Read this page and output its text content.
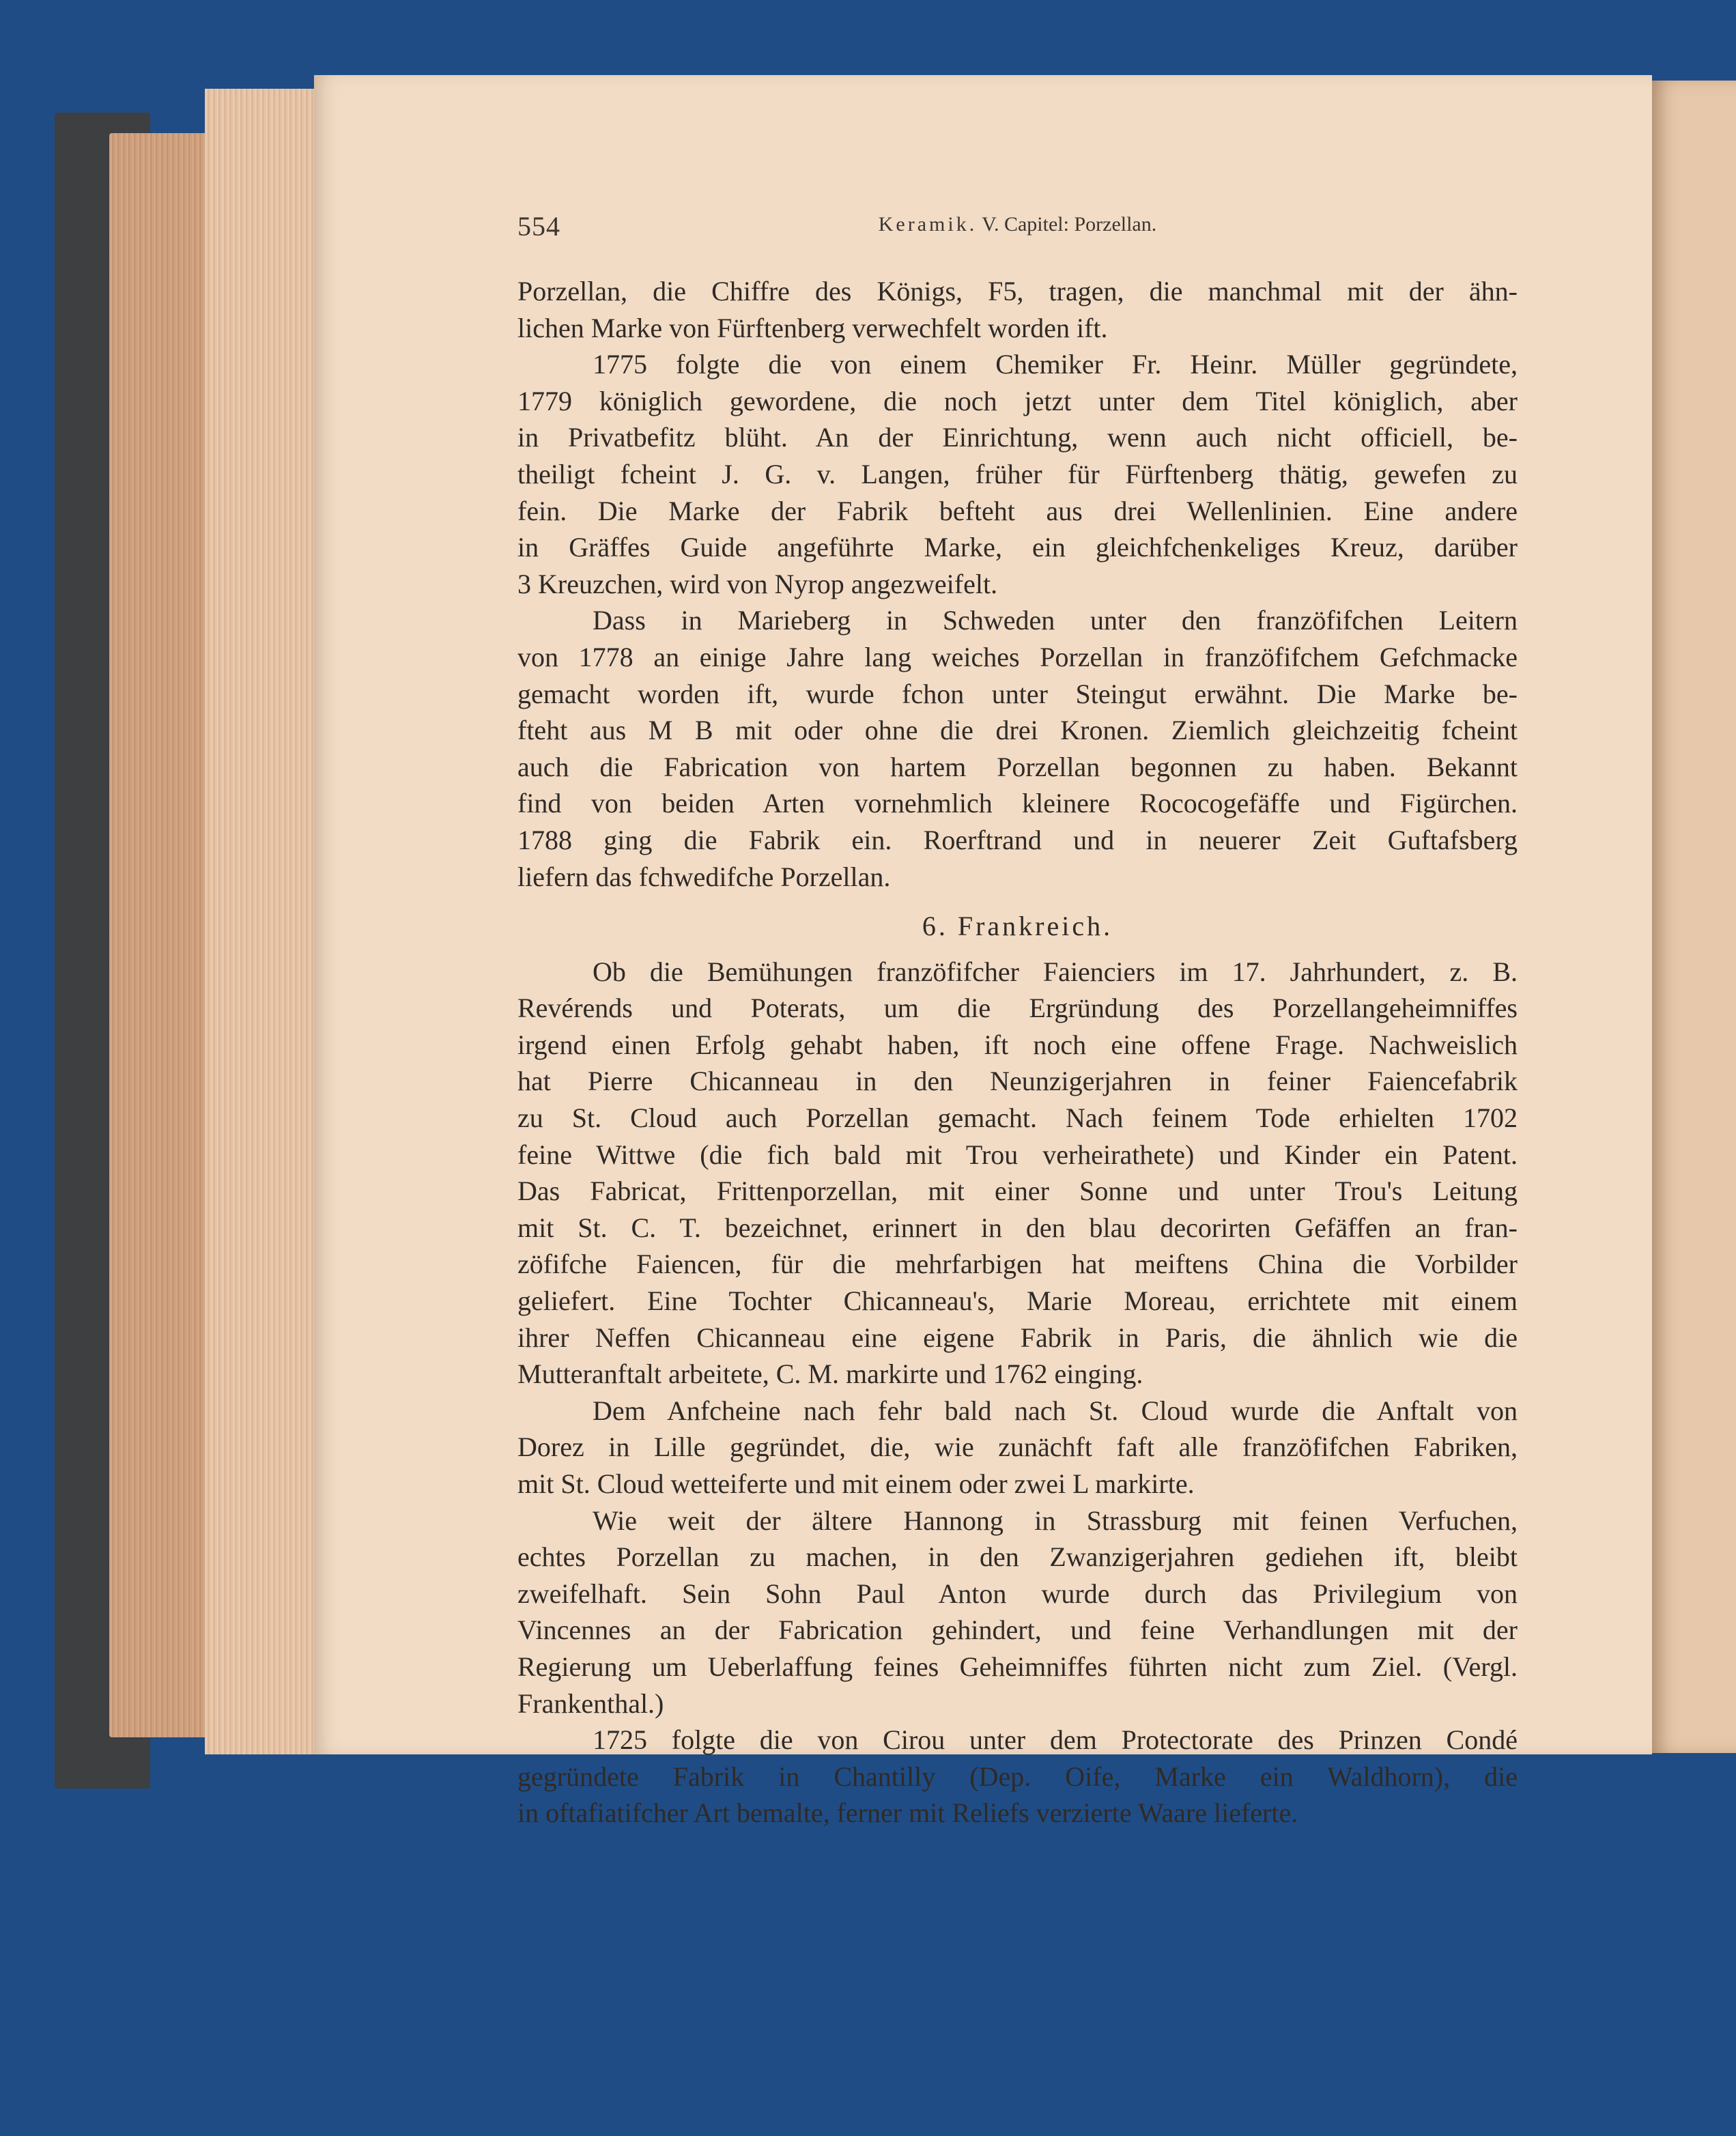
554	Keramik. V. Capitel: Porzellan.

Porzellan, die Chiffre des Königs, F5, tragen, die manchmal mit der ähn-

lichen Marke von Fürftenberg verwechfelt worden ift.

1775 folgte die von einem Chemiker Fr. Heinr. Müller gegründete,

1779 königlich gewordene, die noch jetzt unter dem Titel königlich, aber

in Privatbefitz blüht. An der Einrichtung, wenn auch nicht officiell, be-

theiligt fcheint J. G. v. Langen, früher für Fürftenberg thätig, gewefen zu

fein. Die Marke der Fabrik befteht aus drei Wellenlinien. Eine andere

in Gräffes Guide angeführte Marke, ein gleichfchenkeliges Kreuz, darüber

3 Kreuzchen, wird von Nyrop angezweifelt.

Dass in Marieberg in Schweden unter den franzöfifchen Leitern

von 1778 an einige Jahre lang weiches Porzellan in franzöfifchem Gefchmacke

gemacht worden ift, wurde fchon unter Steingut erwähnt. Die Marke be-

fteht aus M B mit oder ohne die drei Kronen. Ziemlich gleichzeitig fcheint

auch die Fabrication von hartem Porzellan begonnen zu haben. Bekannt

find von beiden Arten vornehmlich kleinere Rococogefäffe und Figürchen.

1788 ging die Fabrik ein. Roerftrand und in neuerer Zeit Guftafsberg

liefern das fchwedifche Porzellan.

6. Frankreich.

Ob die Bemühungen franzöfifcher Faienciers im 17. Jahrhundert, z. B.

Revérends und Poterats, um die Ergründung des Porzellangeheimniffes

irgend einen Erfolg gehabt haben, ift noch eine offene Frage. Nachweislich

hat Pierre Chicanneau in den Neunzigerjahren in feiner Faiencefabrik

zu St. Cloud auch Porzellan gemacht. Nach feinem Tode erhielten 1702

feine Wittwe (die fich bald mit Trou verheirathete) und Kinder ein Patent.

Das Fabricat, Frittenporzellan, mit einer Sonne und unter Trou's Leitung

mit St. C. T. bezeichnet, erinnert in den blau decorirten Gefäffen an fran-

zöfifche Faiencen, für die mehrfarbigen hat meiftens China die Vorbilder

geliefert. Eine Tochter Chicanneau's, Marie Moreau, errichtete mit einem

ihrer Neffen Chicanneau eine eigene Fabrik in Paris, die ähnlich wie die

Mutteranftalt arbeitete, C. M. markirte und 1762 einging.

Dem Anfcheine nach fehr bald nach St. Cloud wurde die Anftalt von

Dorez in Lille gegründet, die, wie zunächft faft alle franzöfifchen Fabriken,

mit St. Cloud wetteiferte und mit einem oder zwei L markirte.

Wie weit der ältere Hannong in Strassburg mit feinen Verfuchen,

echtes Porzellan zu machen, in den Zwanzigerjahren gediehen ift, bleibt

zweifelhaft. Sein Sohn Paul Anton wurde durch das Privilegium von

Vincennes an der Fabrication gehindert, und feine Verhandlungen mit der

Regierung um Ueberlaffung feines Geheimniffes führten nicht zum Ziel. (Vergl.

Frankenthal.)

1725 folgte die von Cirou unter dem Protectorate des Prinzen Condé

gegründete Fabrik in Chantilly (Dep. Oife, Marke ein Waldhorn), die

in oftafiatifcher Art bemalte, ferner mit Reliefs verzierte Waare lieferte.
